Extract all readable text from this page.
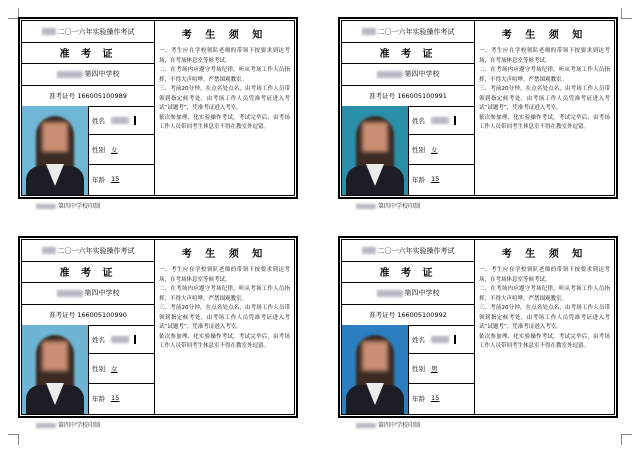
二〇一六年实验操作考试
准 考 证
第四中学校
准考证号
166005100989
姓名
性别 女
年龄 15
考 生 须 知

一、考生应在学校领队老师的带领下按要求到达考场，在考场休息室等候考试。

二、在考场内应遵守考场纪律，听从考场工作人员指挥，不得大声喧哗，严禁围观教室。

三、考前20分钟，在点名处点名，由考场工作人员带领到指定候考处，由考场工作人员凭准考证进入考试“试题考”，凭准考证进入考室。

依次参加理、化实验操作考试，考试完毕后，由考场工作人员带回考生休息室不得在教室外逗留。

第四中学校印制
二〇一六年实验操作考试
准 考 证
第四中学校
准考证号
166005100991
姓名
性别 女
年龄 15
考 生 须 知

一、考生应在学校领队老师的带领下按要求到达考场，在考场休息室等候考试。

二、在考场内应遵守考场纪律，听从考场工作人员指挥，不得大声喧哗，严禁围观教室。

三、考前20分钟，在点名处点名，由考场工作人员带领到指定候考处，由考场工作人员凭准考证进入考试“试题考”，凭准考证进入考室。

依次参加理、化实验操作考试，考试完毕后，由考场工作人员带回考生休息室不得在教室外逗留。

第四中学校印制
二〇一六年实验操作考试
准 考 证
第四中学校
准考证号
166005100990
姓名
性别 女
年龄 15
考 生 须 知

一、考生应在学校领队老师的带领下按要求到达考场，在考场休息室等候考试。

二、在考场内应遵守考场纪律，听从考场工作人员指挥，不得大声喧哗，严禁围观教室。

三、考前20分钟，在点名处点名，由考场工作人员带领到指定候考处，由考场工作人员凭准考证进入考试“试题考”，凭准考证进入考室。

依次参加理、化实验操作考试，考试完毕后，由考场工作人员带回考生休息室不得在教室外逗留。

第四中学校印制
二〇一六年实验操作考试
准 考 证
第四中学校
准考证号
166005100992
姓名
性别 男
年龄 15
考 生 须 知

一、考生应在学校领队老师的带领下按要求到达考场，在考场休息室等候考试。

二、在考场内应遵守考场纪律，听从考场工作人员指挥，不得大声喧哗，严禁围观教室。

三、考前20分钟，在点名处点名，由考场工作人员带领到指定候考处，由考场工作人员凭准考证进入考试“试题考”，凭准考证进入考室。

依次参加理、化实验操作考试，考试完毕后，由考场工作人员带回考生休息室不得在教室外逗留。

第四中学校印制
